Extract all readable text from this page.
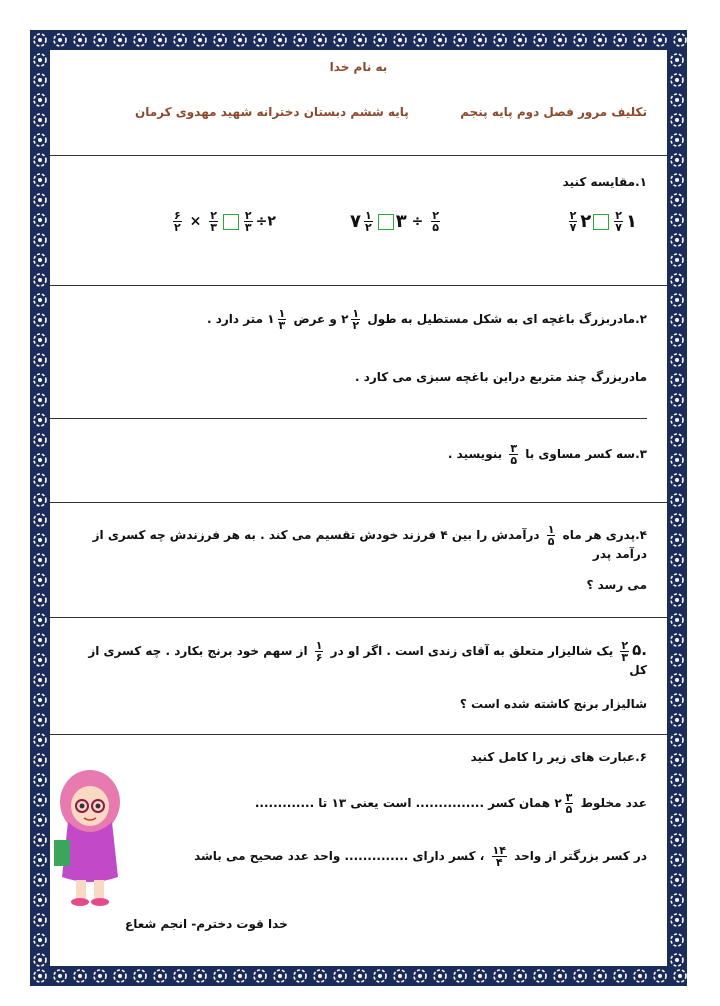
به نام خدا
تکلیف مرور فصل دوم پایه پنجم
پایه ششم دبستان دخترانه شهید مهدوی کرمان
۱.مقایسه کنید
$\frac{۲}{۷}$ ۲ $\frac{۲}{۷}$ ۱
۷ $\frac{۱}{۲}$ ۳ ÷ $\frac{۲}{۵}$
$\frac{۶}{۲} \times \frac{۲}{۳} \frac{۲}{۳}$ ÷۲
۲.مادربزرگ باغچه ای به شکل مستطیل به طول
$\frac{۱}{۲}$
۲ و عرض
$\frac{۱}{۳}$
۱ متر دارد .
مادربزرگ چند متربع دراین باغچه سبزی می کارد .
۳.سه کسر مساوی با
$\frac{۳}{۵}$
بنویسید .
۴.پدری هر ماه
$\frac{۱}{۵}$
درآمدش را بین ۴ فرزند خودش تقسیم می کند . به هر فرزندش چه کسری از درآمد پدر
می رسد ؟
.۵
$\frac{۲}{۳}$
یک شالیزار متعلق به آقای زندی است . اگر او در
$\frac{۱}{۶}$
از سهم خود برنج بکارد . چه کسری از کل
شالیزار برنج کاشته شده است ؟
۶.عبارت های زیر را کامل کنید
عدد مخلوط
$\frac{۳}{۵}$
۲ همان کسر ............... است یعنی ۱۳ تا .............
در کسر بزرگتر از واحد
$\frac{۱۴}{۴}$
، کسر دارای .............. واحد عدد صحیح می باشد
خدا قوت دخترم- انجم شعاع
